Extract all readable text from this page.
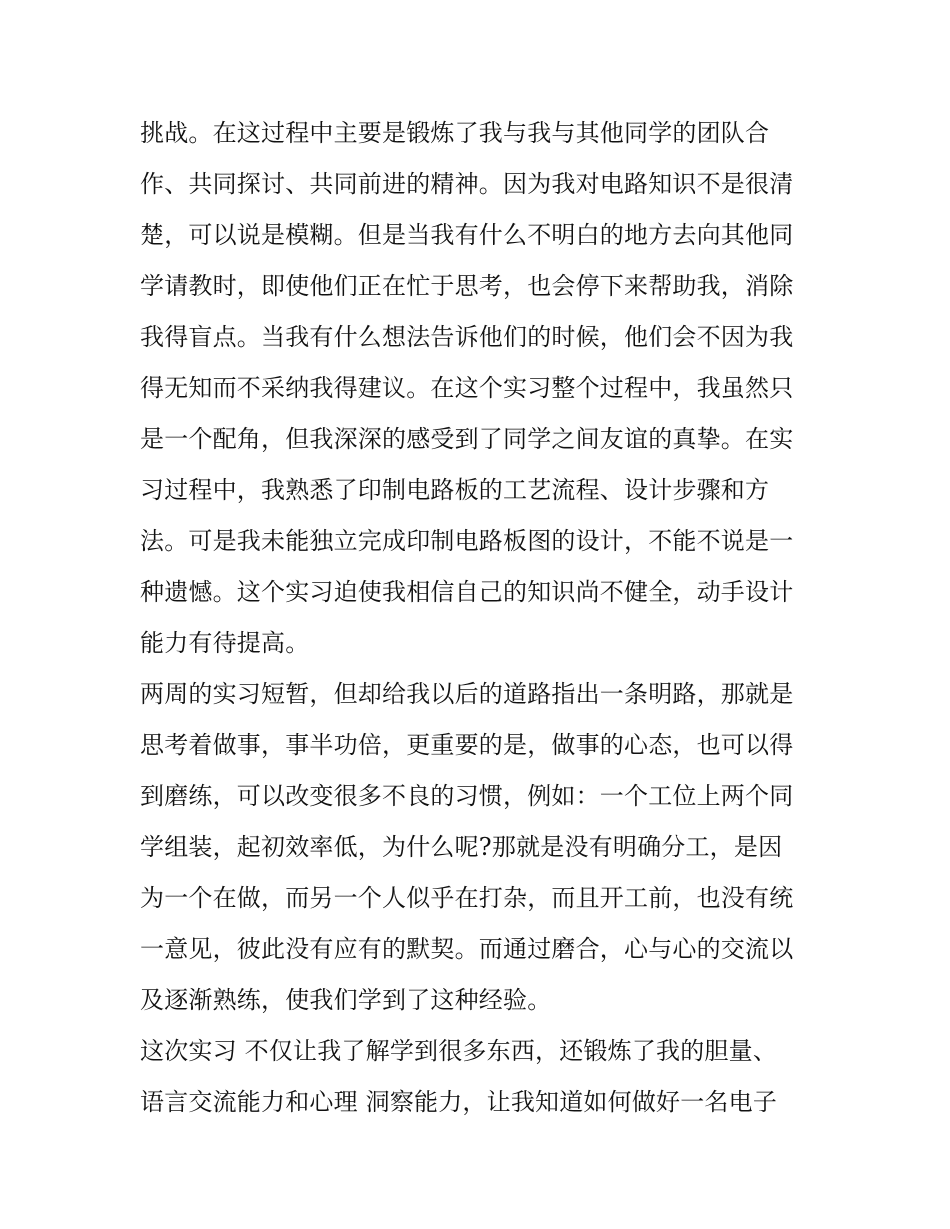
挑战。在这过程中主要是锻炼了我与我与其他同学的团队合
作、共同探讨、共同前进的精神。因为我对电路知识不是很清
楚，可以说是模糊。但是当我有什么不明白的地方去向其他同
学请教时，即使他们正在忙于思考，也会停下来帮助我，消除
我得盲点。当我有什么想法告诉他们的时候，他们会不因为我
得无知而不采纳我得建议。在这个实习整个过程中，我虽然只
是一个配角，但我深深的感受到了同学之间友谊的真挚。在实
习过程中，我熟悉了印制电路板的工艺流程、设计步骤和方
法。可是我未能独立完成印制电路板图的设计，不能不说是一
种遗憾。这个实习迫使我相信自己的知识尚不健全，动手设计
能力有待提高。
两周的实习短暂，但却给我以后的道路指出一条明路，那就是
思考着做事，事半功倍，更重要的是，做事的心态，也可以得
到磨练，可以改变很多不良的习惯，例如：一个工位上两个同
学组装，起初效率低，为什么呢?那就是没有明确分工，是因
为一个在做，而另一个人似乎在打杂，而且开工前，也没有统
一意见，彼此没有应有的默契。而通过磨合，心与心的交流以
及逐渐熟练，使我们学到了这种经验。
这次实习 不仅让我了解学到很多东西，还锻炼了我的胆量、
语言交流能力和心理 洞察能力，让我知道如何做好一名电子
